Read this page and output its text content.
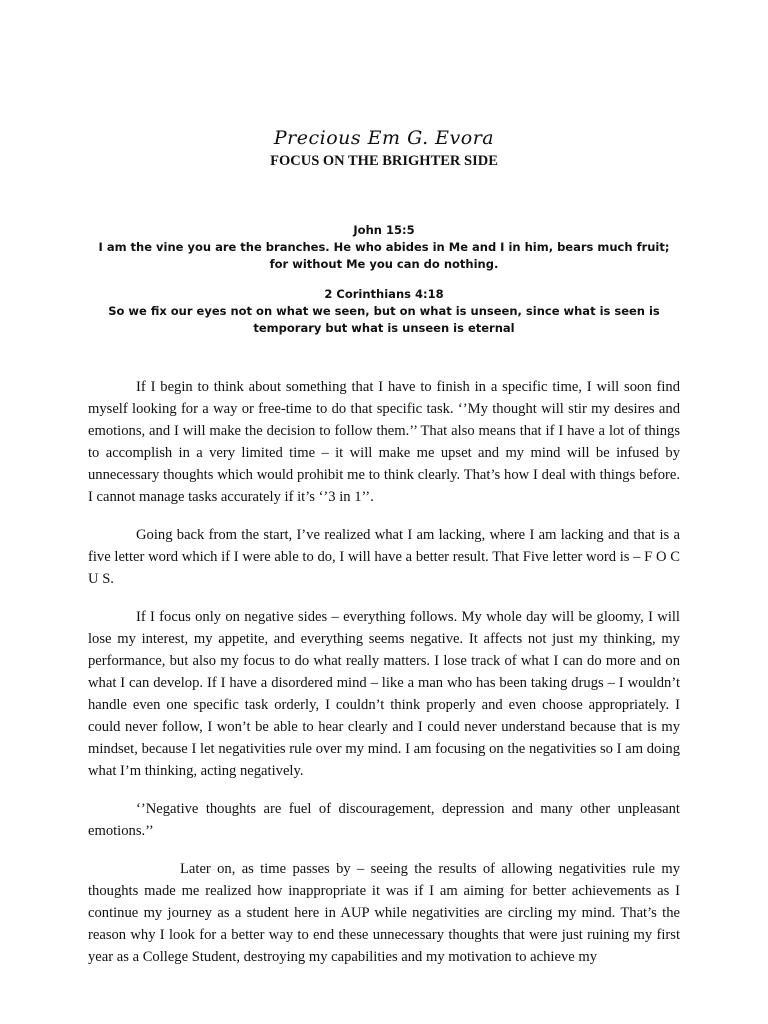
Precious Em G. Evora
FOCUS ON THE BRIGHTER SIDE
John 15:5
I am the vine you are the branches. He who abides in Me and I in him, bears much fruit; for without Me you can do nothing.
2 Corinthians 4:18
So we fix our eyes not on what we seen, but on what is unseen, since what is seen is temporary but what is unseen is eternal

If I begin to think about something that I have to finish in a specific time, I will soon find myself looking for a way or free-time to do that specific task. ‘’My thought will stir my desires and emotions, and I will make the decision to follow them.’’ That also means that if I have a lot of things to accomplish in a very limited time – it will make me upset and my mind will be infused by unnecessary thoughts which would prohibit me to think clearly. That’s how I deal with things before. I cannot manage tasks accurately if it’s ‘’3 in 1’’.

Going back from the start, I’ve realized what I am lacking, where I am lacking and that is a five letter word which if I were able to do, I will have a better result. That Five letter word is – F O C U S.

If I focus only on negative sides – everything follows. My whole day will be gloomy, I will lose my interest, my appetite, and everything seems negative. It affects not just my thinking, my performance, but also my focus to do what really matters. I lose track of what I can do more and on what I can develop. If I have a disordered mind – like a man who has been taking drugs – I wouldn’t handle even one specific task orderly, I couldn’t think properly and even choose appropriately. I could never follow, I won’t be able to hear clearly and I could never understand because that is my mindset, because I let negativities rule over my mind. I am focusing on the negativities so I am doing what I’m thinking, acting negatively.

‘’Negative thoughts are fuel of discouragement, depression and many other unpleasant emotions.’’

Later on, as time passes by – seeing the results of allowing negativities rule my thoughts made me realized how inappropriate it was if I am aiming for better achievements as I continue my journey as a student here in AUP while negativities are circling my mind. That’s the reason why I look for a better way to end these unnecessary thoughts that were just ruining my first year as a College Student, destroying my capabilities and my motivation to achieve my
